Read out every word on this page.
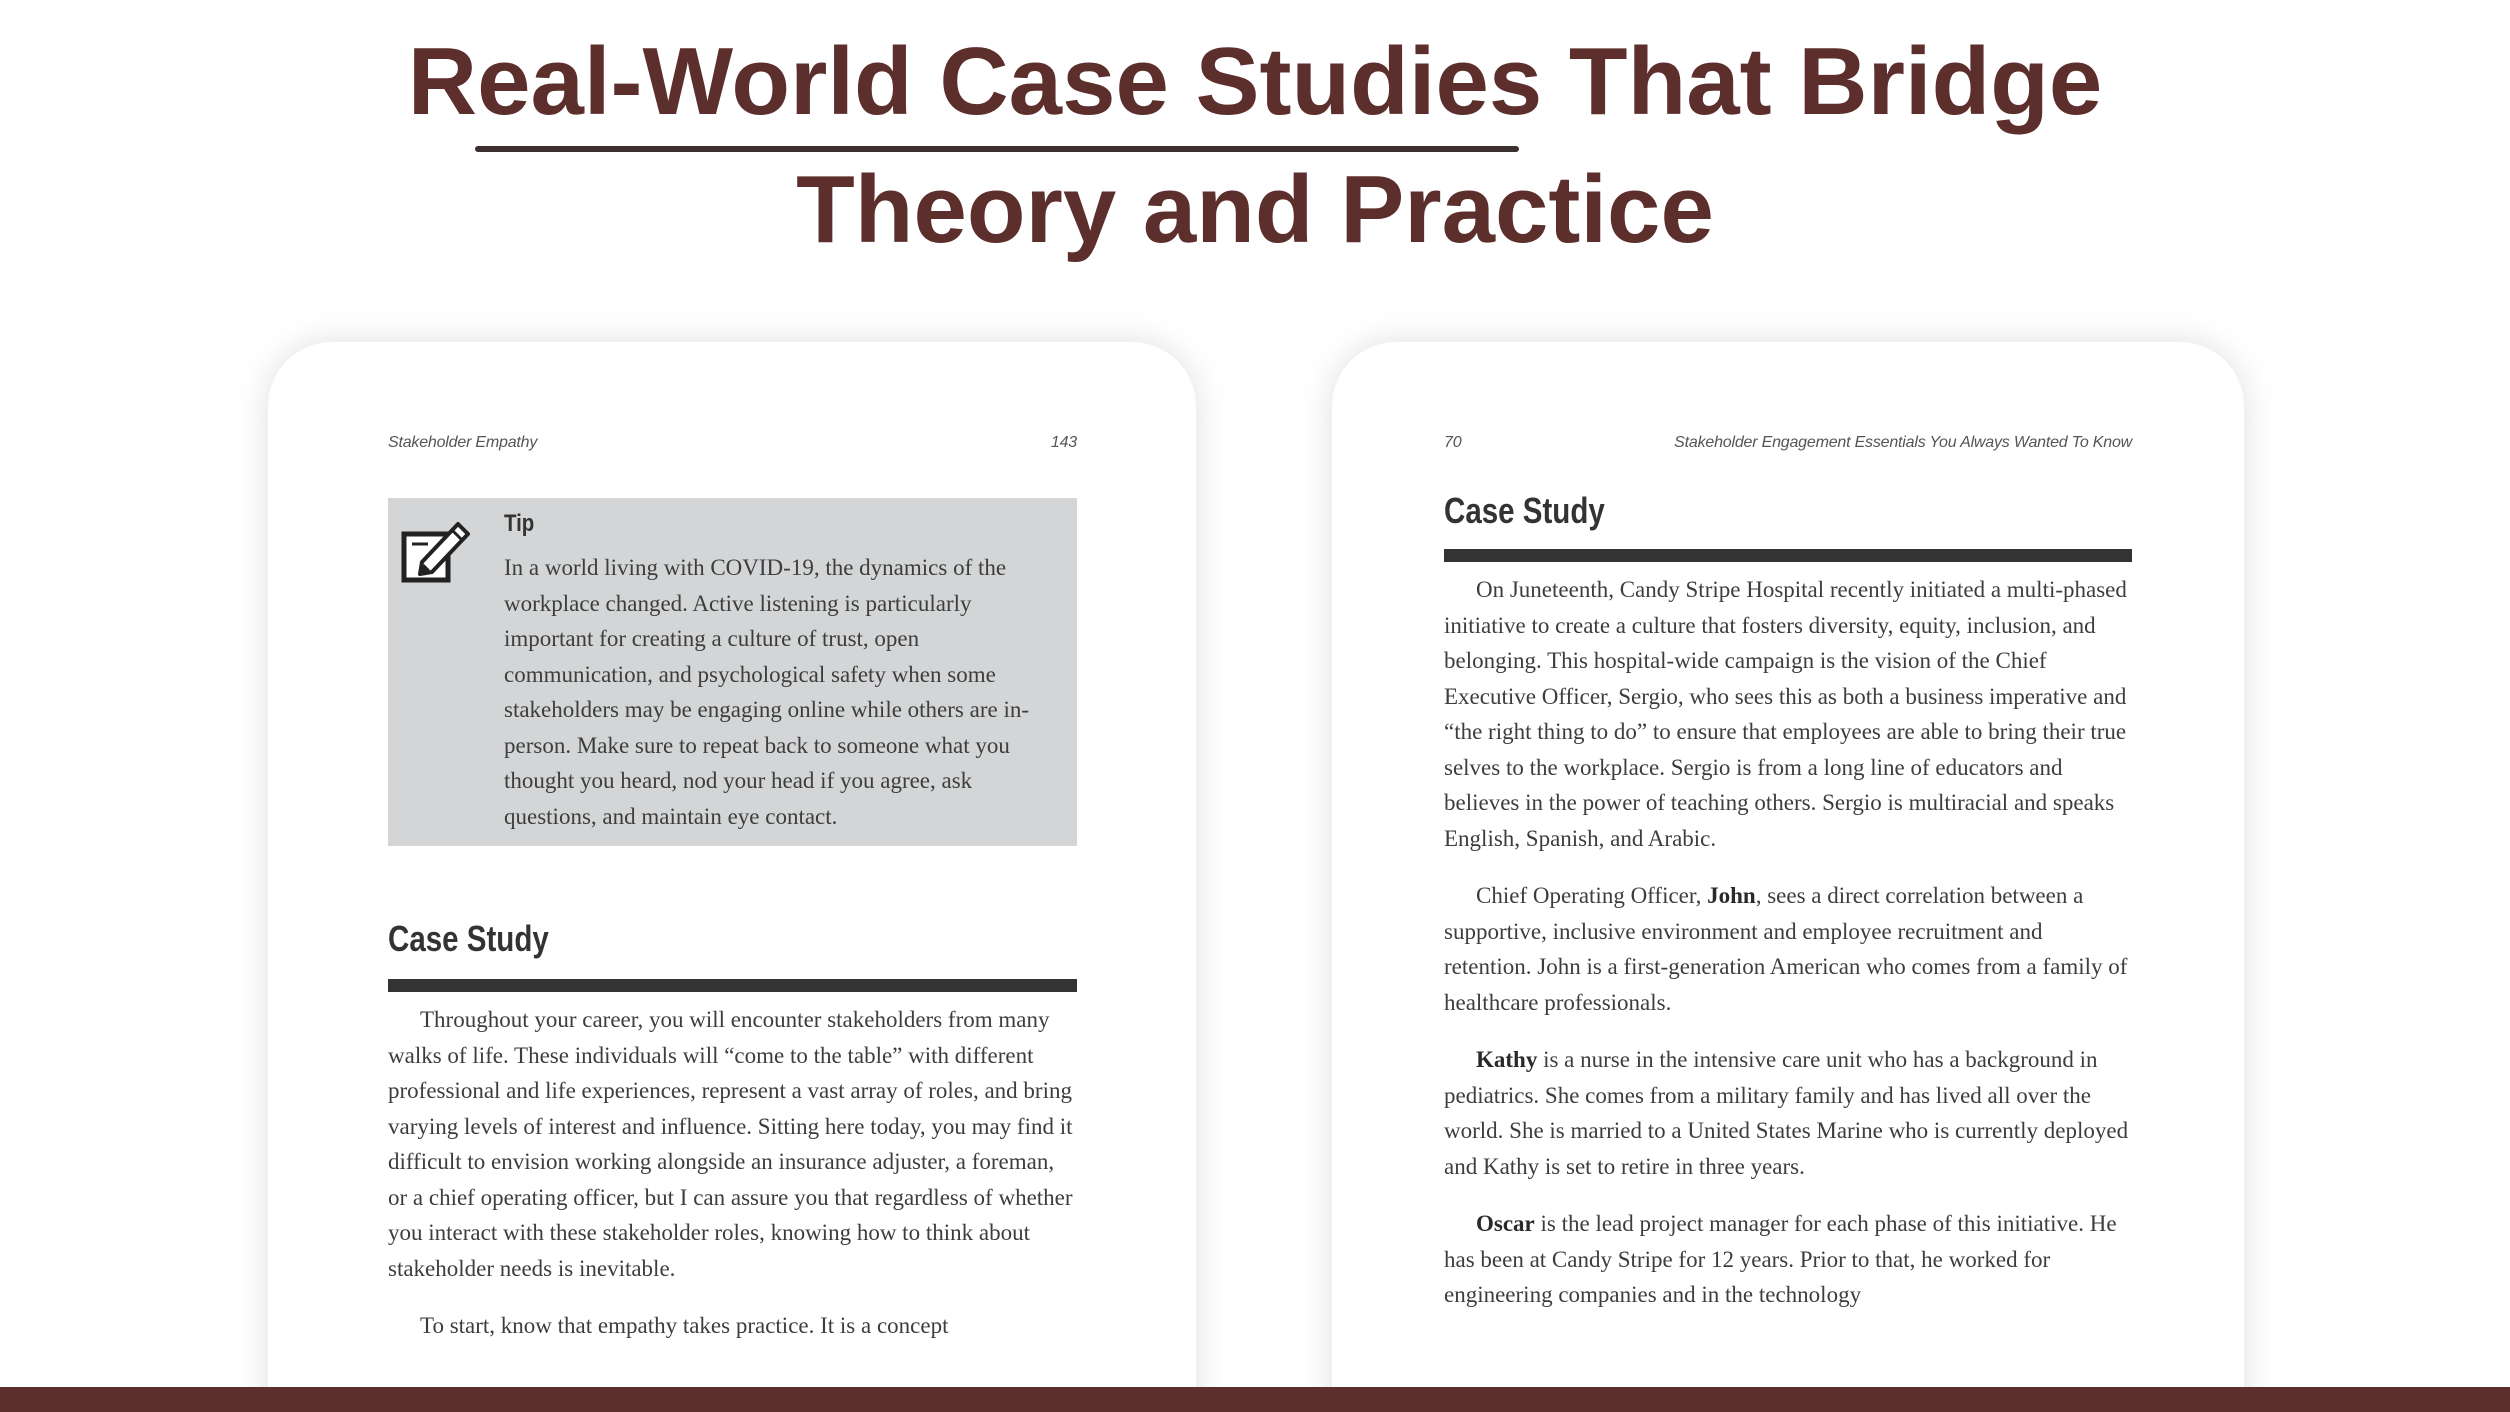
Real-World Case Studies That Bridge
Theory and Practice
Stakeholder Empathy	143
Tip
In a world living with COVID-19, the dynamics of the workplace changed. Active listening is particularly important for creating a culture of trust, open communication, and psychological safety when some stakeholders may be engaging online while others are in-person. Make sure to repeat back to someone what you thought you heard, nod your head if you agree, ask questions, and maintain eye contact.
Case Study

Throughout your career, you will encounter stakeholders from many walks of life. These individuals will “come to the table” with different professional and life experiences, represent a vast array of roles, and bring varying levels of interest and influence. Sitting here today, you may find it difficult to envision working alongside an insurance adjuster, a foreman, or a chief operating officer, but I can assure you that regardless of whether you interact with these stakeholder roles, knowing how to think about stakeholder needs is inevitable.

To start, know that empathy takes practice. It is a concept

70	Stakeholder Engagement Essentials You Always Wanted To Know
Case Study

On Juneteenth, Candy Stripe Hospital recently initiated a multi-phased initiative to create a culture that fosters diversity, equity, inclusion, and belonging. This hospital-wide campaign is the vision of the Chief Executive Officer, Sergio, who sees this as both a business imperative and “the right thing to do” to ensure that employees are able to bring their true selves to the workplace. Sergio is from a long line of educators and believes in the power of teaching others. Sergio is multiracial and speaks English, Spanish, and Arabic.

Chief Operating Officer, John, sees a direct correlation between a supportive, inclusive environment and employee recruitment and retention. John is a first-generation American who comes from a family of healthcare professionals.

Kathy is a nurse in the intensive care unit who has a background in pediatrics. She comes from a military family and has lived all over the world. She is married to a United States Marine who is currently deployed and Kathy is set to retire in three years.

Oscar is the lead project manager for each phase of this initiative. He has been at Candy Stripe for 12 years. Prior to that, he worked for engineering companies and in the technology
